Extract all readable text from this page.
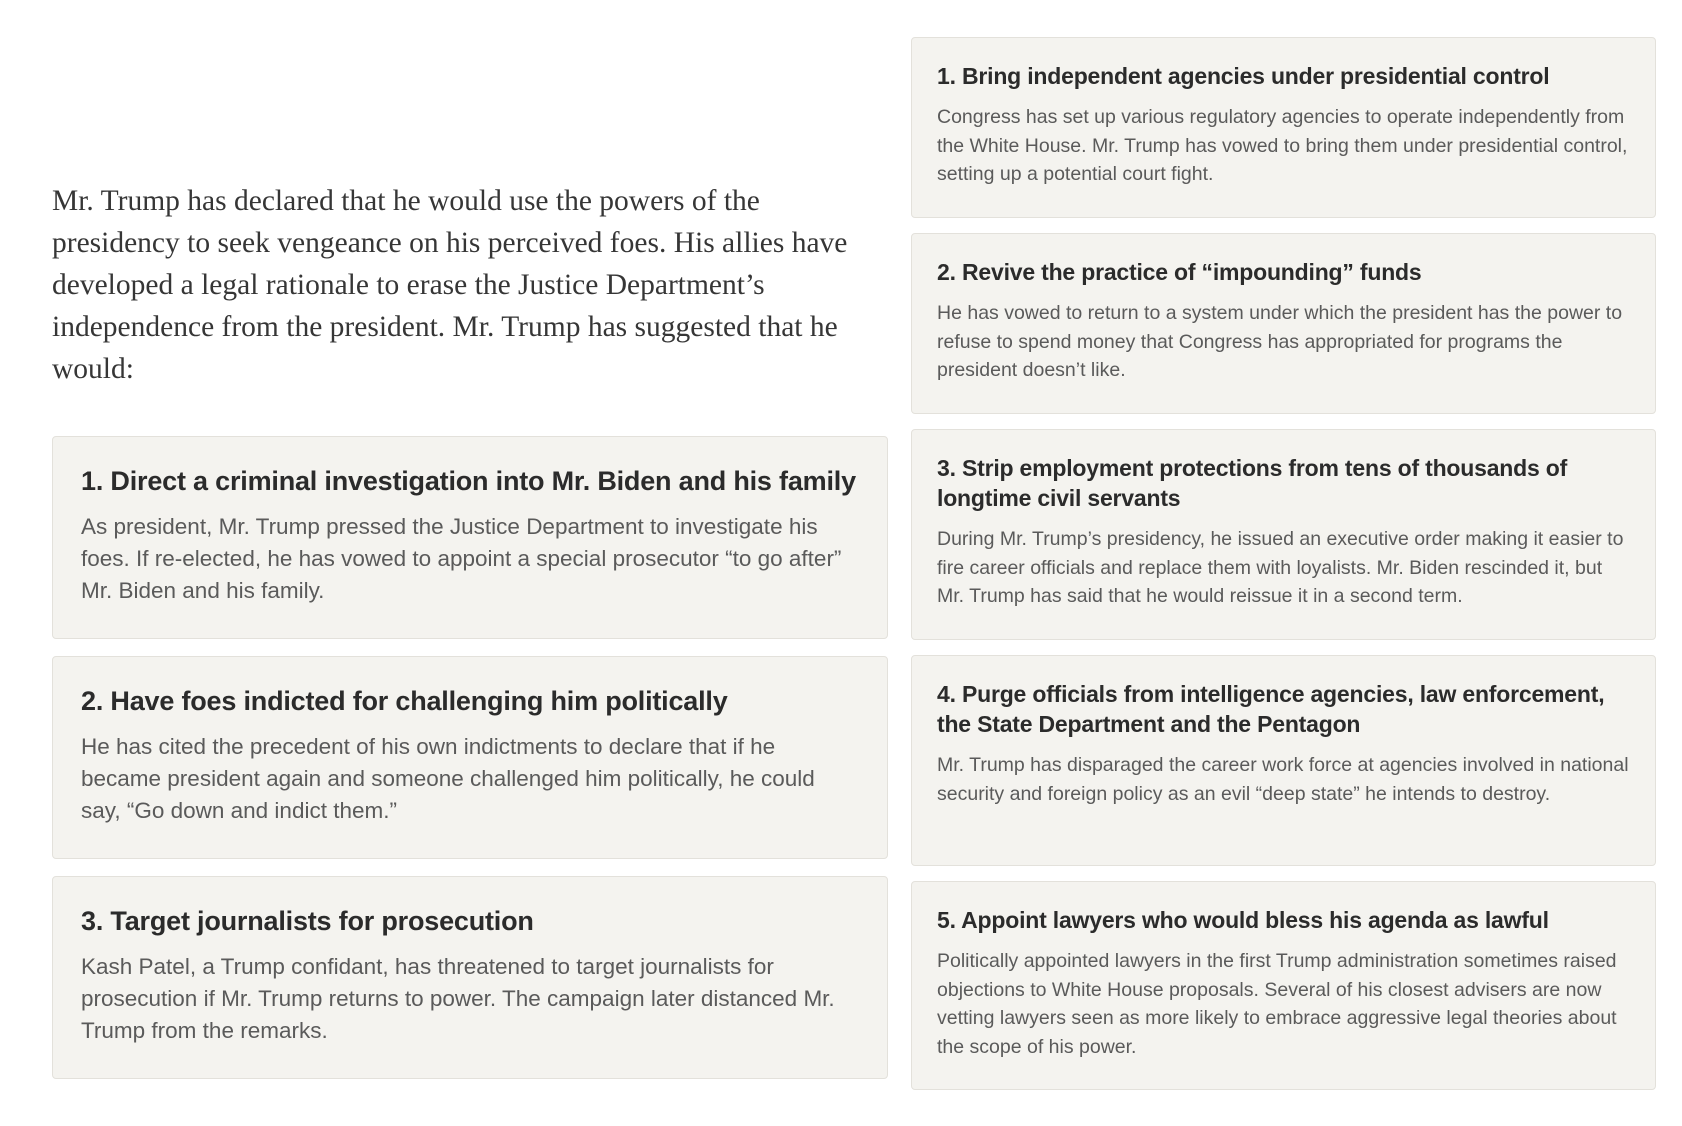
Mr. Trump has declared that he would use the powers of the presidency to seek vengeance on his perceived foes. His allies have developed a legal rationale to erase the Justice Department’s independence from the president. Mr. Trump has suggested that he would:

1. Direct a criminal investigation into Mr. Biden and his family

As president, Mr. Trump pressed the Justice Department to investigate his foes. If re-elected, he has vowed to appoint a special prosecutor “to go after” Mr. Biden and his family.

2. Have foes indicted for challenging him politically

He has cited the precedent of his own indictments to declare that if he became president again and someone challenged him politically, he could say, “Go down and indict them.”

3. Target journalists for prosecution

Kash Patel, a Trump confidant, has threatened to target journalists for prosecution if Mr. Trump returns to power. The campaign later distanced Mr. Trump from the remarks.

1. Bring independent agencies under presidential control

Congress has set up various regulatory agencies to operate independently from the White House. Mr. Trump has vowed to bring them under presidential control, setting up a potential court fight.

2. Revive the practice of “impounding” funds

He has vowed to return to a system under which the president has the power to refuse to spend money that Congress has appropriated for programs the president doesn’t like.

3. Strip employment protections from tens of thousands of longtime civil servants

During Mr. Trump’s presidency, he issued an executive order making it easier to fire career officials and replace them with loyalists. Mr. Biden rescinded it, but Mr. Trump has said that he would reissue it in a second term.

4. Purge officials from intelligence agencies, law enforcement, the State Department and the Pentagon

Mr. Trump has disparaged the career work force at agencies involved in national security and foreign policy as an evil “deep state” he intends to destroy.

5. Appoint lawyers who would bless his agenda as lawful

Politically appointed lawyers in the first Trump administration sometimes raised objections to White House proposals. Several of his closest advisers are now vetting lawyers seen as more likely to embrace aggressive legal theories about the scope of his power.
